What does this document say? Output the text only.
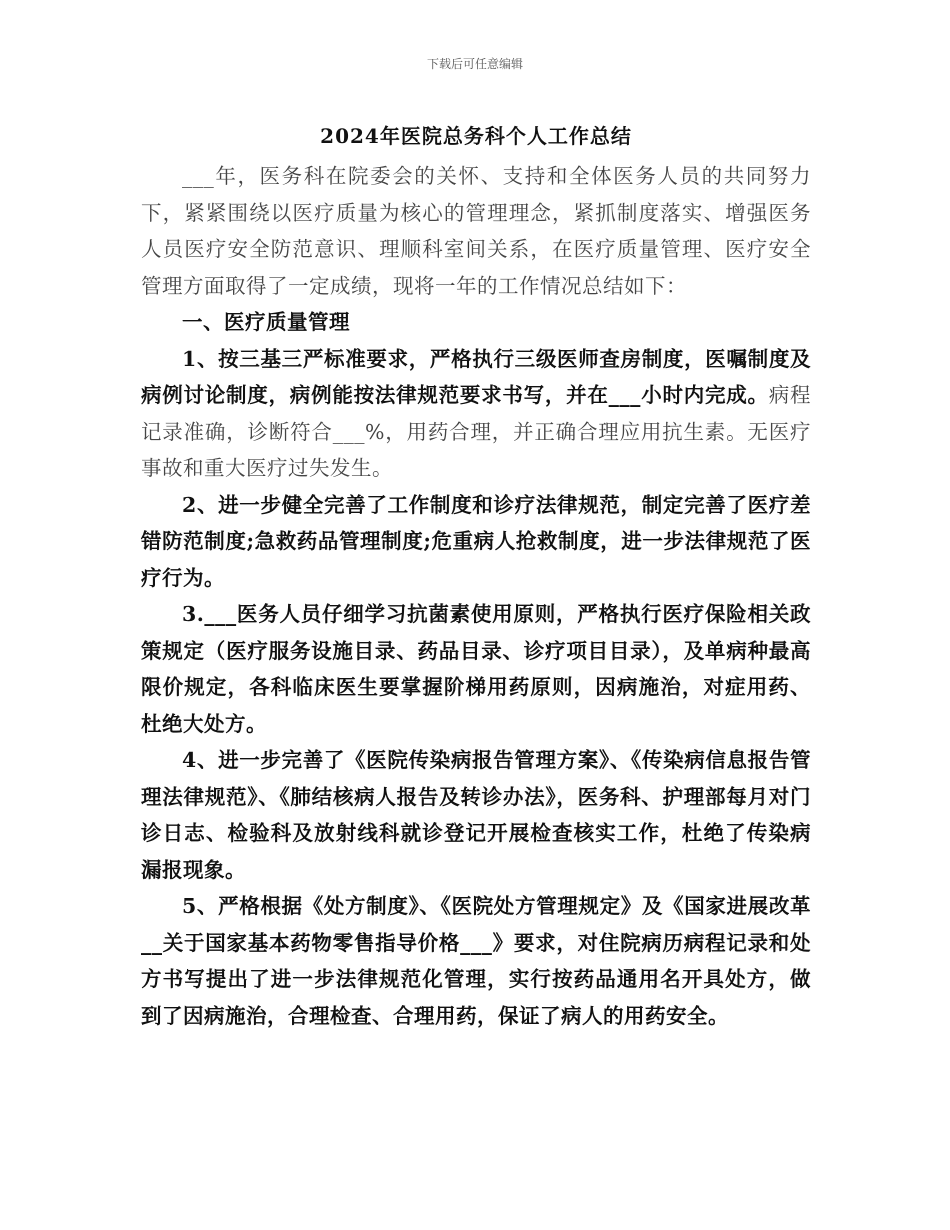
下载后可任意编辑
2024年医院总务科个人工作总结

___年，医务科在院委会的关怀、支持和全体医务人员的共同努力下，紧紧围绕以医疗质量为核心的管理理念，紧抓制度落实、增强医务人员医疗安全防范意识、理顺科室间关系，在医疗质量管理、医疗安全管理方面取得了一定成绩，现将一年的工作情况总结如下：

一、医疗质量管理

1、按三基三严标准要求，严格执行三级医师查房制度，医嘱制度及病例讨论制度，病例能按法律规范要求书写，并在___小时内完成。病程记录准确，诊断符合___%，用药合理，并正确合理应用抗生素。无医疗事故和重大医疗过失发生。

2、进一步健全完善了工作制度和诊疗法律规范，制定完善了医疗差错防范制度;急救药品管理制度;危重病人抢救制度，进一步法律规范了医疗行为。

3.___医务人员仔细学习抗菌素使用原则，严格执行医疗保险相关政策规定（医疗服务设施目录、药品目录、诊疗项目目录），及单病种最高限价规定，各科临床医生要掌握阶梯用药原则，因病施治，对症用药、杜绝大处方。

4、进一步完善了《医院传染病报告管理方案》、《传染病信息报告管理法律规范》、《肺结核病人报告及转诊办法》，医务科、护理部每月对门诊日志、检验科及放射线科就诊登记开展检查核实工作，杜绝了传染病漏报现象。

5、严格根据《处方制度》、《医院处方管理规定》及《国家进展改革__关于国家基本药物零售指导价格___》要求，对住院病历病程记录和处方书写提出了进一步法律规范化管理，实行按药品通用名开具处方，做到了因病施治，合理检查、合理用药，保证了病人的用药安全。
